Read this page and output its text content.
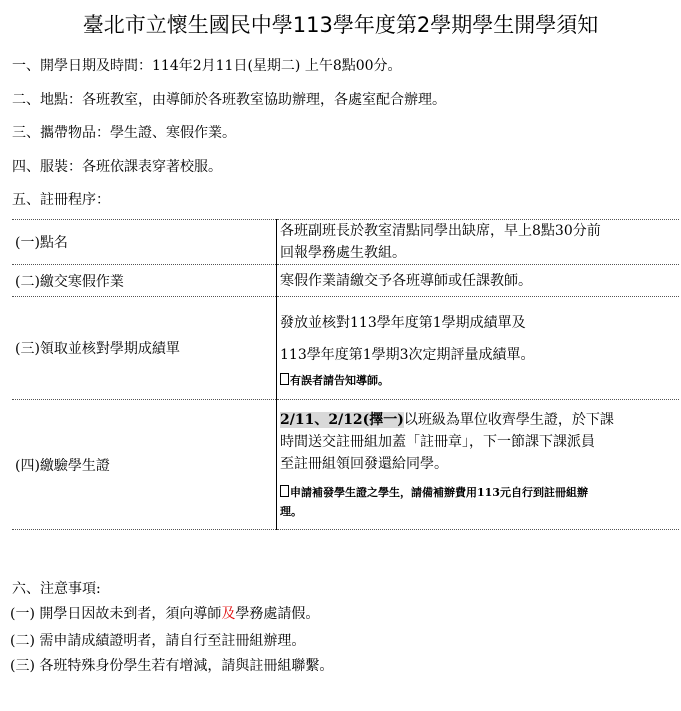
臺北市立懷生國民中學113學年度第2學期學生開學須知
一、開學日期及時間：114年2月11日(星期二) 上午8點00分。
二、地點：各班教室，由導師於各班教室協助辦理，各處室配合辦理。
三、攜帶物品：學生證、寒假作業。
四、服裝：各班依課表穿著校服。
五、註冊程序：
(一)點名	各班副班長於教室清點同學出缺席，早上8點30分前
回報學務處生教組。

(二)繳交寒假作業	寒假作業請繳交予各班導師或任課教師。
(三)領取並核對學期成績單	發放並核對113學年度第1學期成績單及
113學年度第1學期3次定期評量成績單。
有誤者請告知導師。

(四)繳驗學生證	2/11、2/12(擇一)以班級為單位收齊學生證，於下課
時間送交註冊組加蓋「註冊章」，下一節課下課派員
至註冊組領回發還給同學。
申請補發學生證之學生，請備補辦費用113元自行到註冊組辦
理。
六、注意事項:
(一) 開學日因故未到者，須向導師及學務處請假。
(二) 需申請成績證明者，請自行至註冊組辦理。
(三) 各班特殊身份學生若有增減，請與註冊組聯繫。
